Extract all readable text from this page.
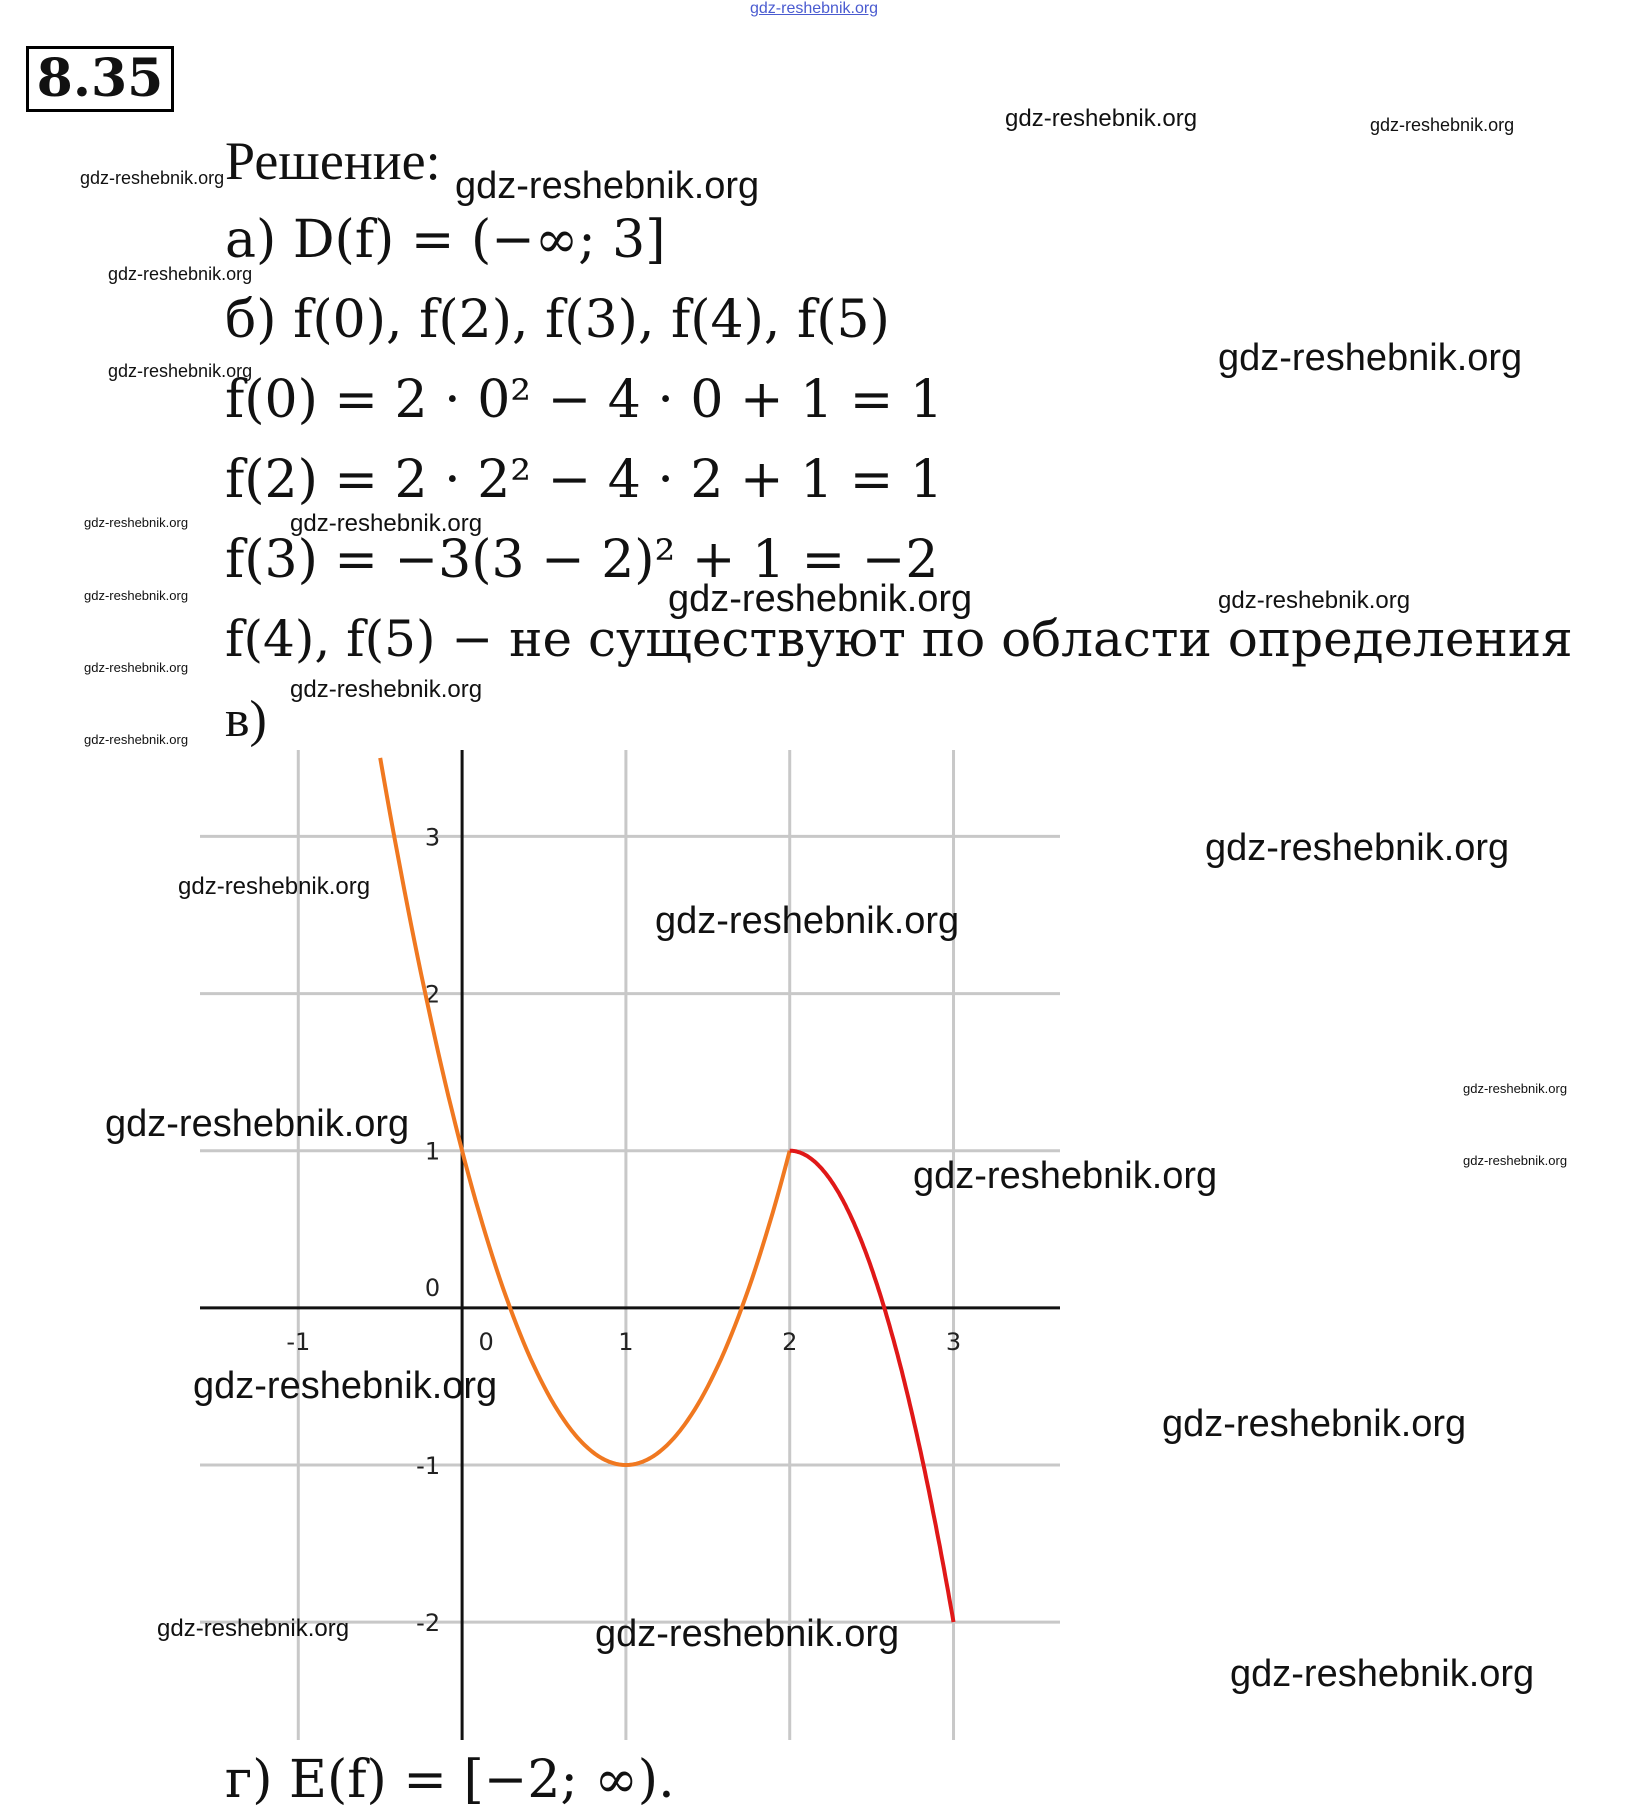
gdz-reshebnik.org
8.35
Решение:
а) D(f) = (−∞; 3]
б) f(0), f(2), f(3), f(4), f(5)
f(0) = 2 · 0² − 4 · 0 + 1 = 1
f(2) = 2 · 2² − 4 · 2 + 1 = 1
f(3) = −3(3 − 2)² + 1 = −2
f(4), f(5) − не существуют по области определения
в)
г) E(f) = [−2; ∞).
-1	0	1	2	3
-2
-1
0
1
2
3
gdz-reshebnik.org	gdz-reshebnik.org
gdz-reshebnik.org	gdz-reshebnik.org
gdz-reshebnik.org
gdz-reshebnik.org
gdz-reshebnik.org
gdz-reshebnik.org	gdz-reshebnik.org
gdz-reshebnik.org	gdz-reshebnik.org	gdz-reshebnik.org
gdz-reshebnik.org
gdz-reshebnik.org
gdz-reshebnik.org
gdz-reshebnik.org
gdz-reshebnik.org
gdz-reshebnik.org
gdz-reshebnik.org
gdz-reshebnik.org
gdz-reshebnik.org
gdz-reshebnik.org
gdz-reshebnik.org
gdz-reshebnik.org
gdz-reshebnik.org	gdz-reshebnik.org
gdz-reshebnik.org
